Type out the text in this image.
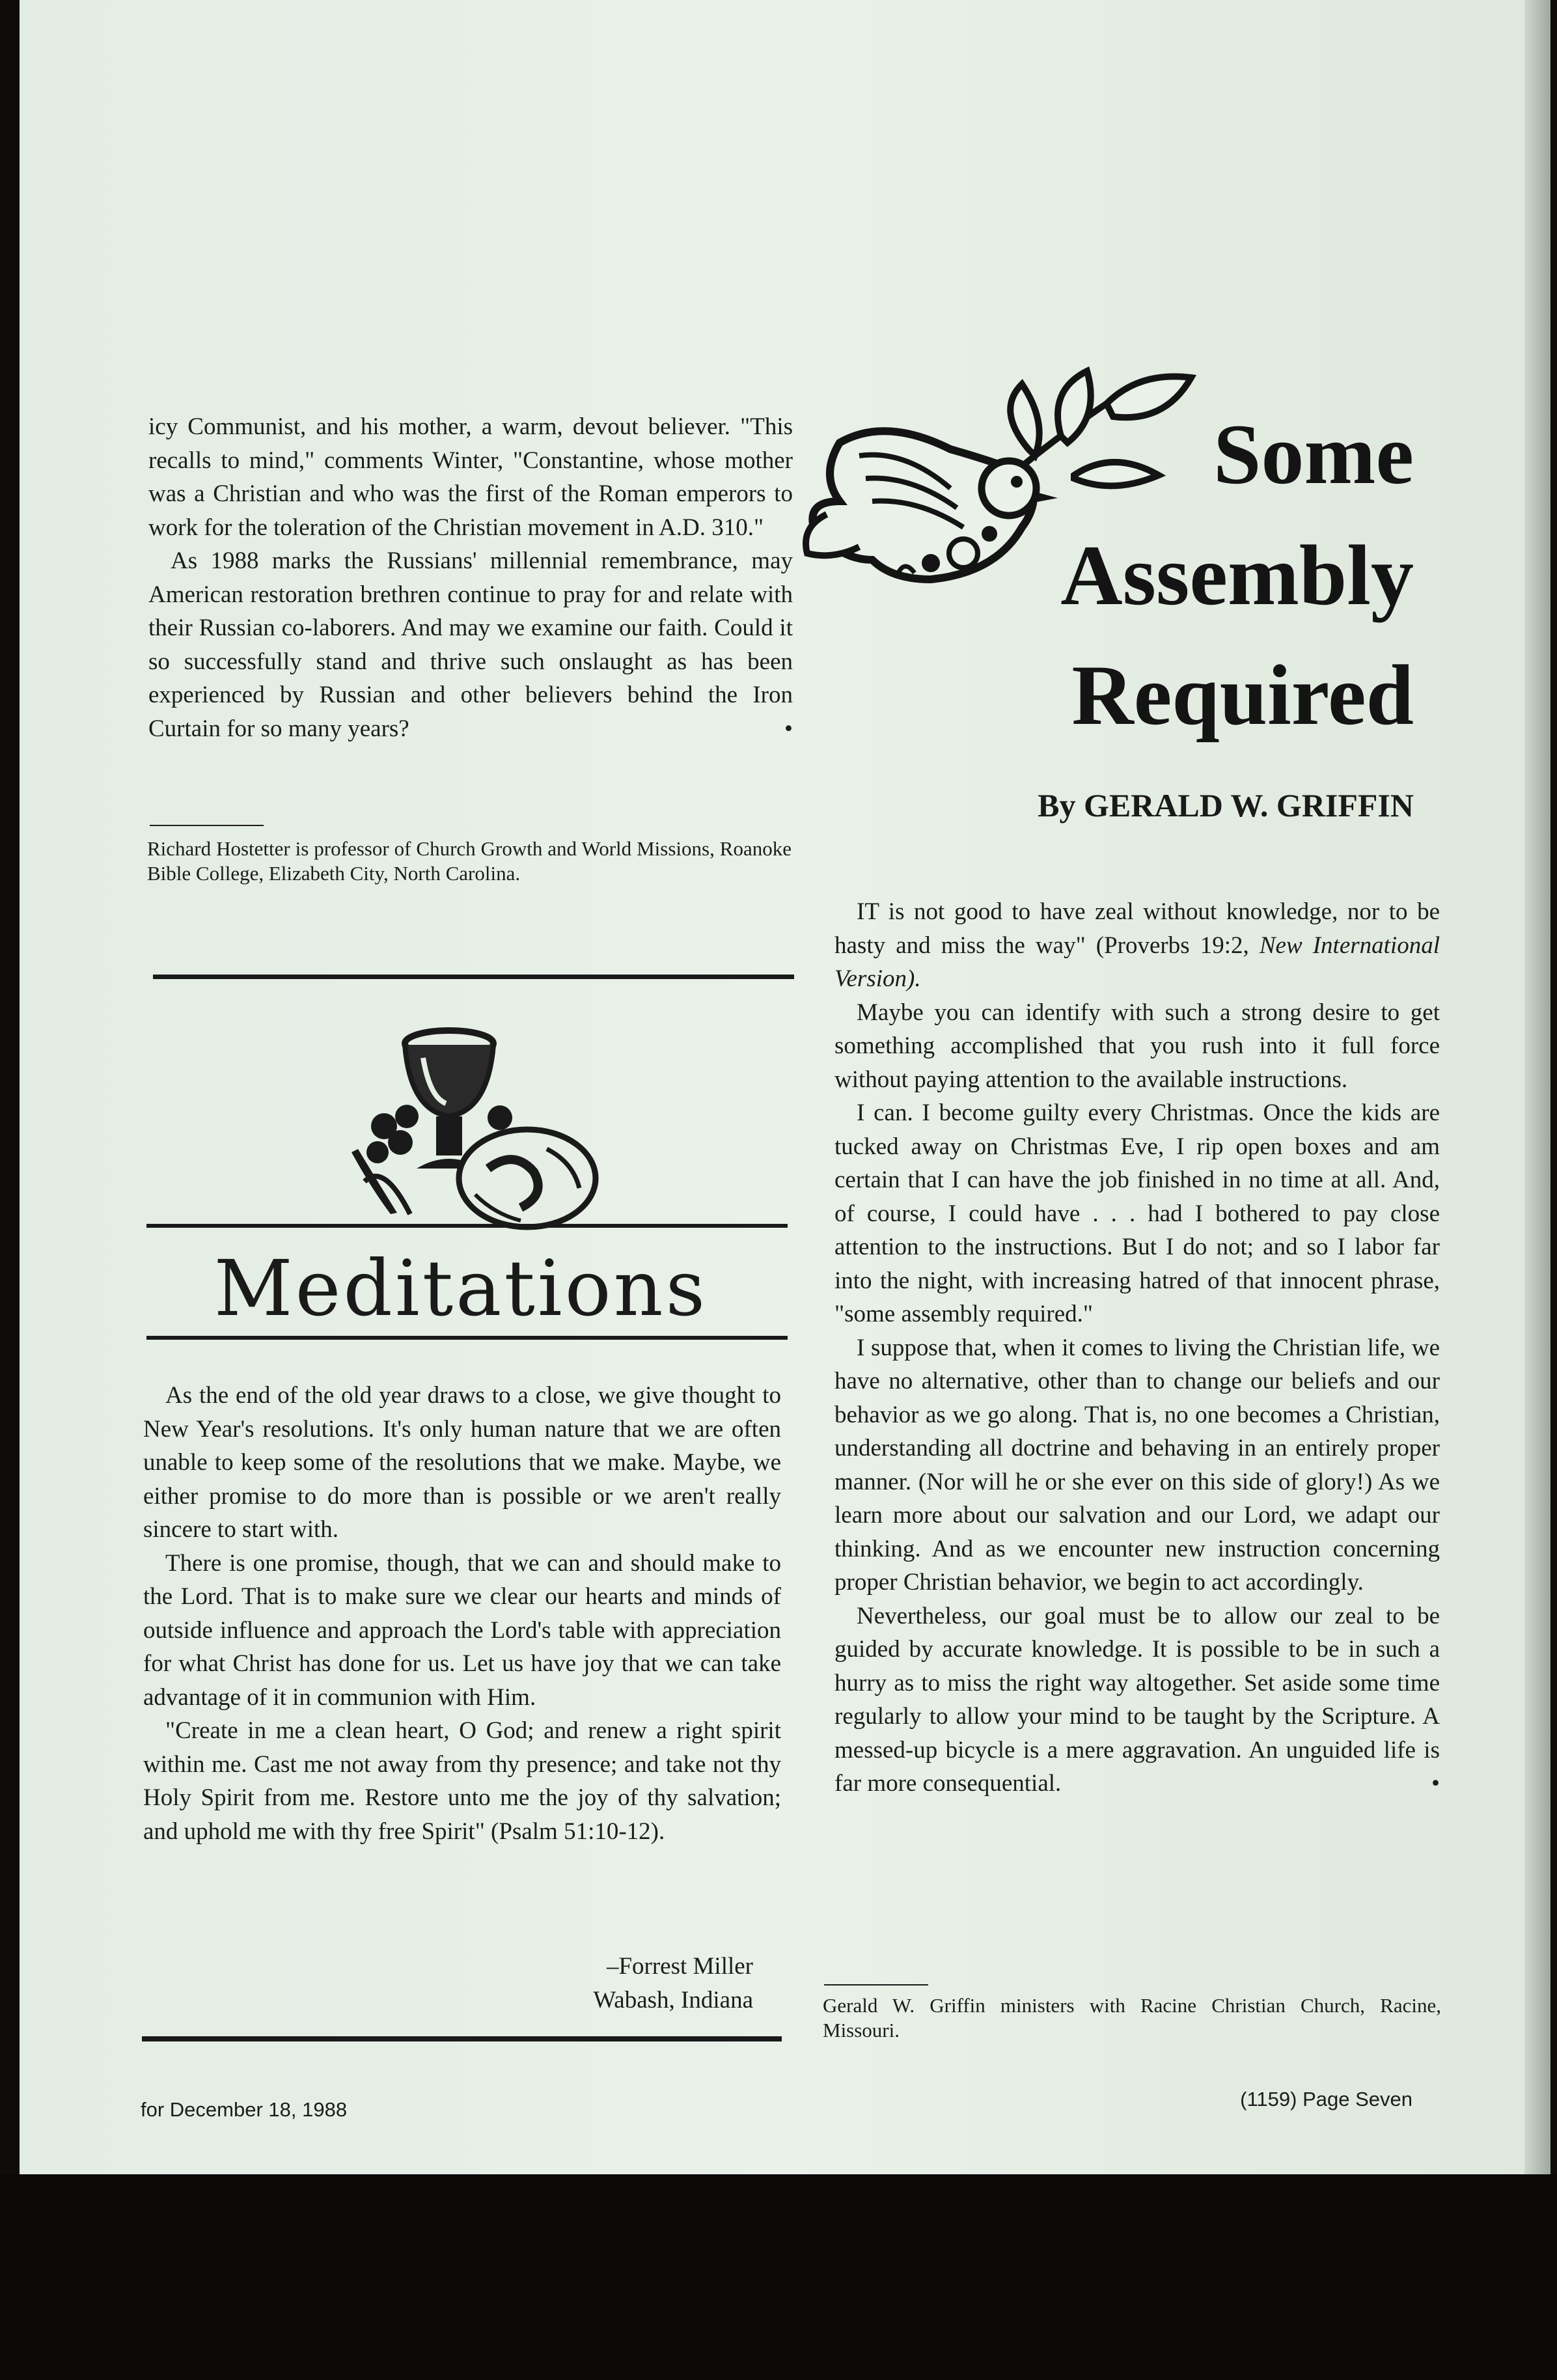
icy Communist, and his mother, a warm, devout believer. "This recalls to mind," comments Winter, "Constantine, whose mother was a Christian and who was the first of the Roman emperors to work for the toleration of the Christian movement in A.D. 310."

As 1988 marks the Russians' millennial remembrance, may American restoration brethren continue to pray for and relate with their Russian co-laborers. And may we examine our faith. Could it so successfully stand and thrive such onslaught as has been experienced by Russian and other believers behind the Iron Curtain for so many years?	•

Richard Hostetter is professor of Church Growth and World Missions, Roanoke Bible College, Elizabeth City, North Carolina.
Meditations

As the end of the old year draws to a close, we give thought to New Year's resolutions. It's only human nature that we are often unable to keep some of the resolutions that we make. Maybe, we either promise to do more than is possible or we aren't really sincere to start with.

There is one promise, though, that we can and should make to the Lord. That is to make sure we clear our hearts and minds of outside influence and approach the Lord's table with appreciation for what Christ has done for us. Let us have joy that we can take advantage of it in communion with Him.

"Create in me a clean heart, O God; and renew a right spirit within me. Cast me not away from thy presence; and take not thy Holy Spirit from me. Restore unto me the joy of thy salvation; and uphold me with thy free Spirit" (Psalm 51:10-12).

–Forrest Miller
Wabash, Indiana
Some
Assembly
Required
By GERALD W. GRIFFIN

IT is not good to have zeal without knowledge, nor to be hasty and miss the way" (Proverbs 19:2, New International Version).

Maybe you can identify with such a strong desire to get something accomplished that you rush into it full force without paying attention to the available instructions.

I can. I become guilty every Christmas. Once the kids are tucked away on Christmas Eve, I rip open boxes and am certain that I can have the job finished in no time at all. And, of course, I could have . . . had I bothered to pay close attention to the instructions. But I do not; and so I labor far into the night, with increasing hatred of that innocent phrase, "some assembly required."

I suppose that, when it comes to living the Christian life, we have no alternative, other than to change our beliefs and our behavior as we go along. That is, no one becomes a Christian, understanding all doctrine and behaving in an entirely proper manner. (Nor will he or she ever on this side of glory!) As we learn more about our salvation and our Lord, we adapt our thinking. And as we encounter new instruction concerning proper Christian behavior, we begin to act accordingly.

Nevertheless, our goal must be to allow our zeal to be guided by accurate knowledge. It is possible to be in such a hurry as to miss the right way altogether. Set aside some time regularly to allow your mind to be taught by the Scripture. A messed-up bicycle is a mere aggravation. An unguided life is far more consequential.	•

Gerald W. Griffin ministers with Racine Christian Church, Racine, Missouri.
for December 18, 1988	(1159) Page Seven
